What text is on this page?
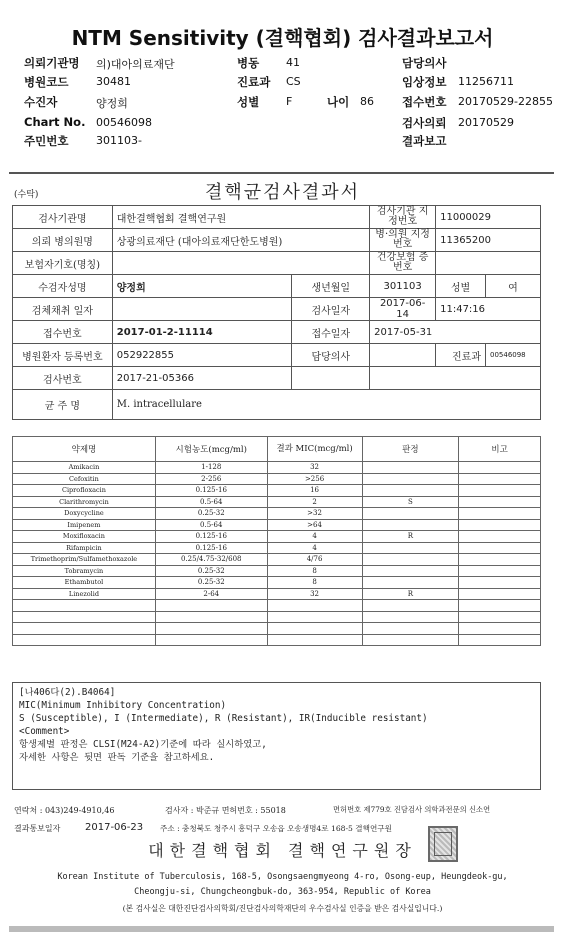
NTM Sensitivity (결핵협회) 검사결과보고서
의뢰기관명 의)대아의료재단	병동 41	담당의사
병원코드	30481	진료과 CS	임상정보 11256711
수진자	양정희	성별 F	나이 86 접수번호 20170529-22855
Chart No. 00546098	검사의뢰 20170529
주민번호	301103-	결과보고
(수탁)	결핵균검사결과서
검사기관명	대한결핵협회 결핵연구원		검사기관 지정번호	11000029	
의뢰 병의원명	상광의료재단 (대아의료재단한도병원)		병·의원 지정번호	11365200	
보험자기호(명칭)			건강보험 증번호		
수검자성명	양정희	생년월일	301103	성별	여
검체채취 일자		검사일자	2017-06-14	11:47:16	
접수번호	2017-01-2-11114	접수일자	2017-05-31		
병원환자 등록번호	052922855	담당의사		진료과	00546098
검사번호	2017-21-05366				
균 주 명	M. intracellulare				
약제명	시험농도(mcg/ml)	결과 MIC(mcg/ml)	판정	비고
Amikacin	1-128	32		
Cefoxitin	2-256	>256		
Ciprofloxacin	0.125-16	16		
Clarithromycin	0.5-64	2	S	
Doxycycline	0.25-32	>32		
Imipenem	0.5-64	>64		
Moxifloxacin	0.125-16	4	R	
Rifampicin	0.125-16	4		
Trimethoprim/Sulfamethoxazole	0.25/4.75-32/608	4/76		
Tobramycin	0.25-32	8		
Ethambutol	0.25-32	8		
Linezolid	2-64	32	R	

[나406다(2).B4064]
MIC(Minimum Inhibitory Concentration)
S (Susceptible), I (Intermediate), R (Resistant), IR(Inducible resistant)
<Comment>
항생제별 판정은 CLSI(M24-A2)기준에 따라 실시하였고,
자세한 사항은 뒷면 판독 기준을 참고하세요.
연락처 : 043)249-4910,46	검사자 : 박준규 면허번호 : 55018	면허번호 제779호 진담검사 의학과전문의 신소연
결과통보일자 2017-06-23 주소 : 충청북도 청주시 흥덕구 오송읍 오송생명4로 168-5 결핵연구원
대한결핵협회 결핵연구원장
Korean Institute of Tuberculosis, 168-5, Osongsaengmyeong 4-ro, Osong-eup, Heungdeok-gu,
Cheongju-si, Chungcheongbuk-do, 363-954, Republic of Korea
(본 검사실은 대한진단검사의학회/진단검사의학재단의 우수검사실 인증을 받은 검사실입니다.)
